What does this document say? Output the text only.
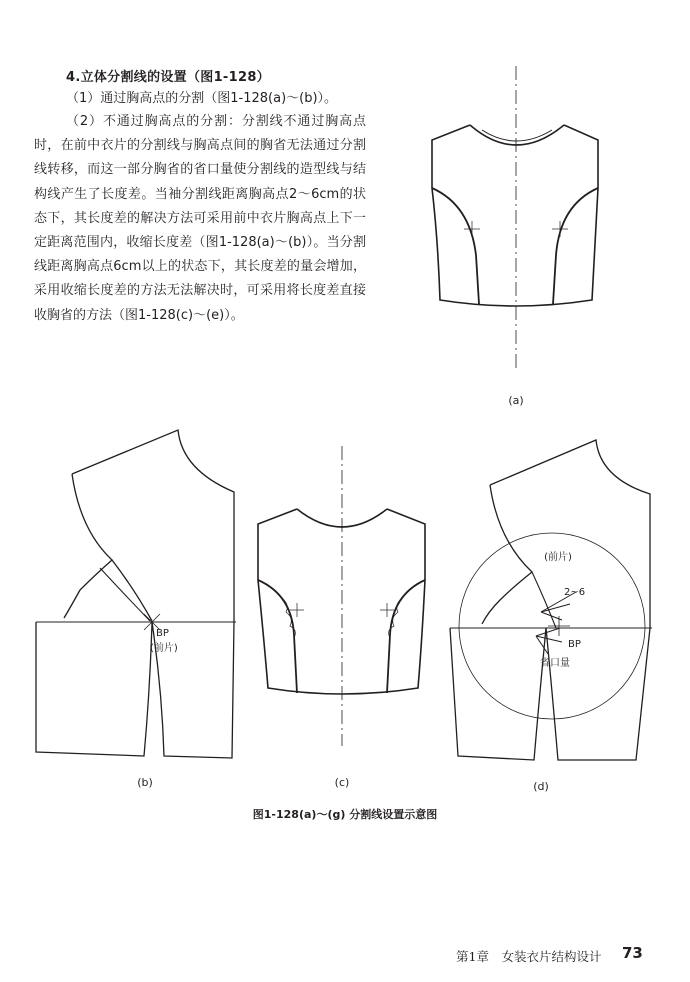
4.立体分割线的设置（图1-128）
（1）通过胸高点的分割（图1-128(a)～(b)）。
（2）不通过胸高点的分割：分割线不通过胸高点时，在前中衣片的分割线与胸高点间的胸省无法通过分割线转移，而这一部分胸省的省口量使分割线的造型线与结构线产生了长度差。当袖分割线距离胸高点2～6cm的状态下，其长度差的解决方法可采用前中衣片胸高点上下一定距离范围内，收缩长度差（图1-128(a)～(b)）。当分割线距离胸高点6cm以上的状态下，其长度差的量会增加，采用收缩长度差的方法无法解决时，可采用将长度差直接收胸省的方法（图1-128(c)～(e)）。
(a)
BP
(前片)
(b)	(c)
(前片)
2~6
BP
省口量
(d)
图1-128(a)～(g) 分割线设置示意图
第1章　女装衣片结构设计 73
